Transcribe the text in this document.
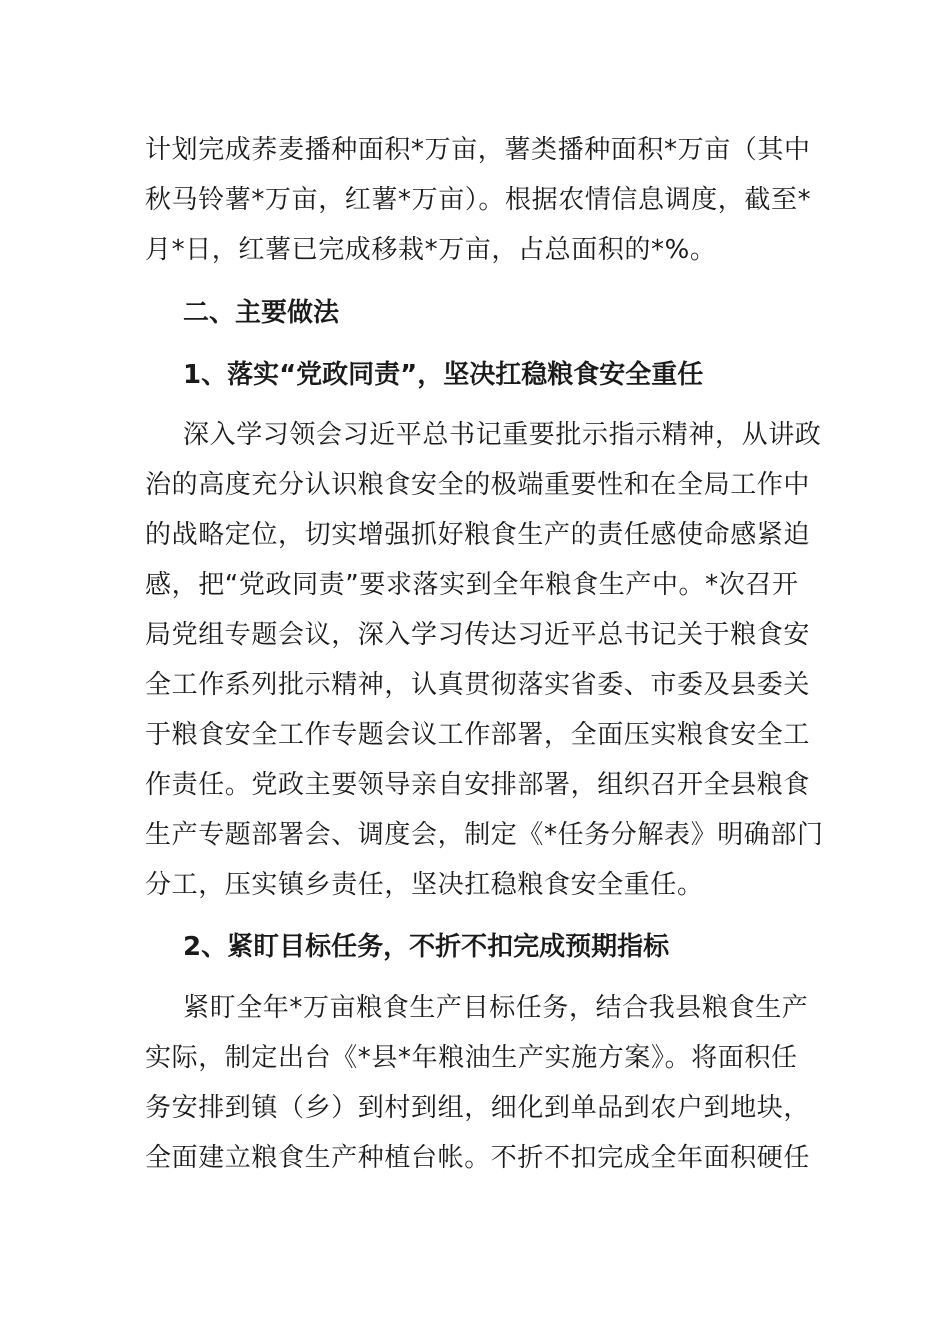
计划完成荞麦播种面积*万亩，薯类播种面积*万亩（其中
秋马铃薯*万亩，红薯*万亩）。根据农情信息调度，截至*
月*日，红薯已完成移栽*万亩，占总面积的*%。
二、主要做法
1、落实“党政同责”，坚决扛稳粮食安全重任
深入学习领会习近平总书记重要批示指示精神，从讲政
治的高度充分认识粮食安全的极端重要性和在全局工作中
的战略定位，切实增强抓好粮食生产的责任感使命感紧迫
感，把“党政同责”要求落实到全年粮食生产中。*次召开
局党组专题会议，深入学习传达习近平总书记关于粮食安
全工作系列批示精神，认真贯彻落实省委、市委及县委关
于粮食安全工作专题会议工作部署，全面压实粮食安全工
作责任。党政主要领导亲自安排部署，组织召开全县粮食
生产专题部署会、调度会，制定《*任务分解表》明确部门
分工，压实镇乡责任，坚决扛稳粮食安全重任。
2、紧盯目标任务，不折不扣完成预期指标
紧盯全年*万亩粮食生产目标任务，结合我县粮食生产
实际，制定出台《*县*年粮油生产实施方案》。将面积任
务安排到镇（乡）到村到组，细化到单品到农户到地块，
全面建立粮食生产种植台帐。不折不扣完成全年面积硬任
